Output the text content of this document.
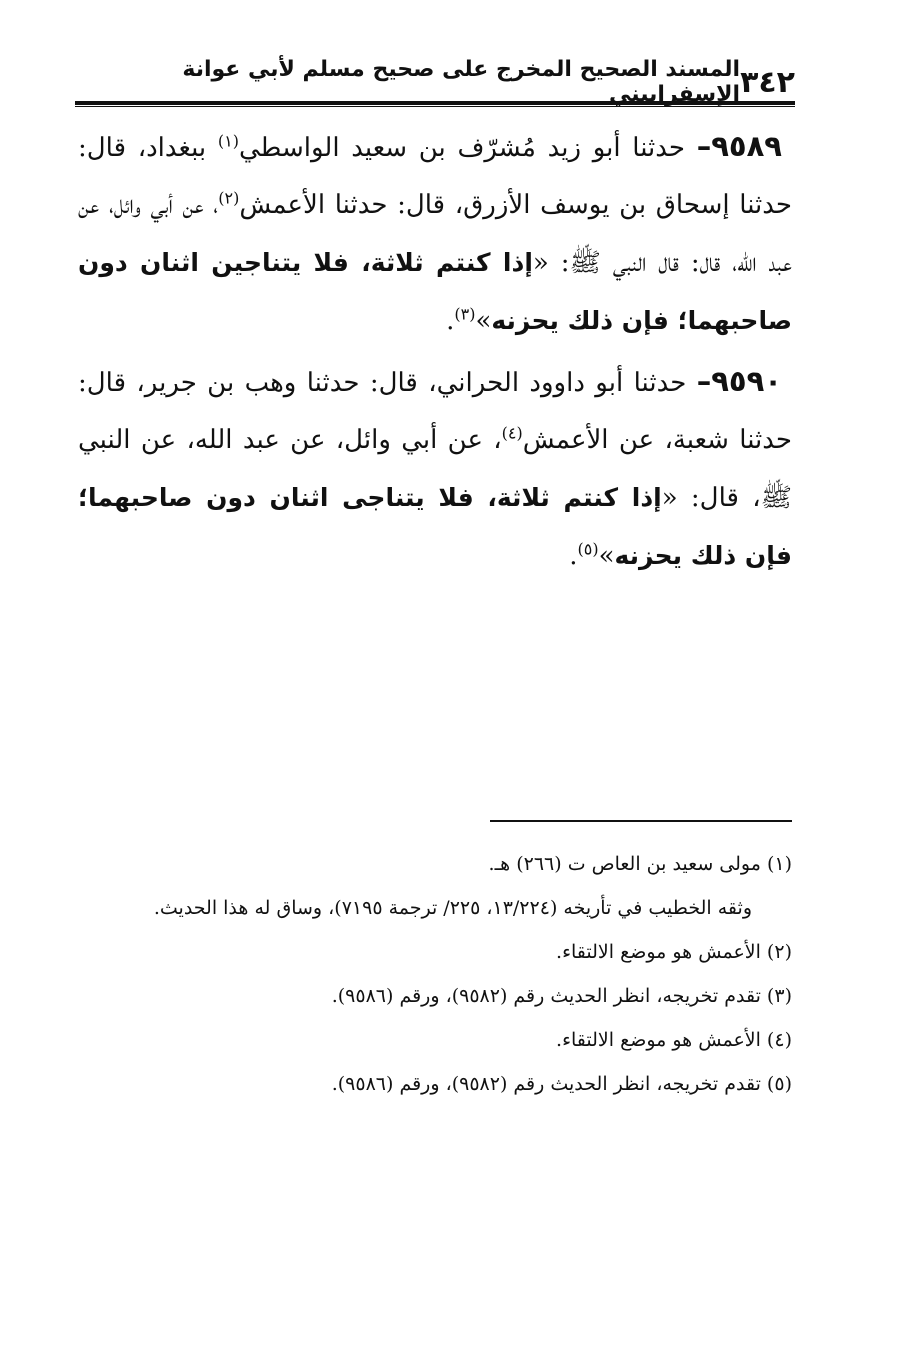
٣٤٢
المسند الصحيح المخرج على صحيح مسلم لأبي عوانة الإسفراييني

٩٥٨٩– حدثنا أبو زيد مُشرّف بن سعيد الواسطي$^{(١)}$ ببغداد، قال: حدثنا إسحاق بن يوسف الأزرق، قال: حدثنا الأعمش$^{(٢)}$، عن أبي وائل، عن عبد الله، قال: قال النبي ﷺ: «إذا كنتم ثلاثة، فلا يتناجين اثنان دون صاحبهما؛ فإن ذلك يحزنه»$^{(٣)}$.

٩٥٩٠– حدثنا أبو داوود الحراني، قال: حدثنا وهب بن جرير، قال: حدثنا شعبة، عن الأعمش$^{(٤)}$، عن أبي وائل، عن عبد الله، عن النبي ﷺ، قال: «إذا كنتم ثلاثة، فلا يتناجى اثنان دون صاحبهما؛ فإن ذلك يحزنه»$^{(٥)}$.

(١) مولى سعيد بن العاص ت (٢٦٦) هـ.

وثقه الخطيب في تأريخه (١٣/٢٢٤، ٢٢٥/ ترجمة ٧١٩٥)، وساق له هذا الحديث.

(٢) الأعمش هو موضع الالتقاء.

(٣) تقدم تخريجه، انظر الحديث رقم (٩٥٨٢)، ورقم (٩٥٨٦).

(٤) الأعمش هو موضع الالتقاء.

(٥) تقدم تخريجه، انظر الحديث رقم (٩٥٨٢)، ورقم (٩٥٨٦).
